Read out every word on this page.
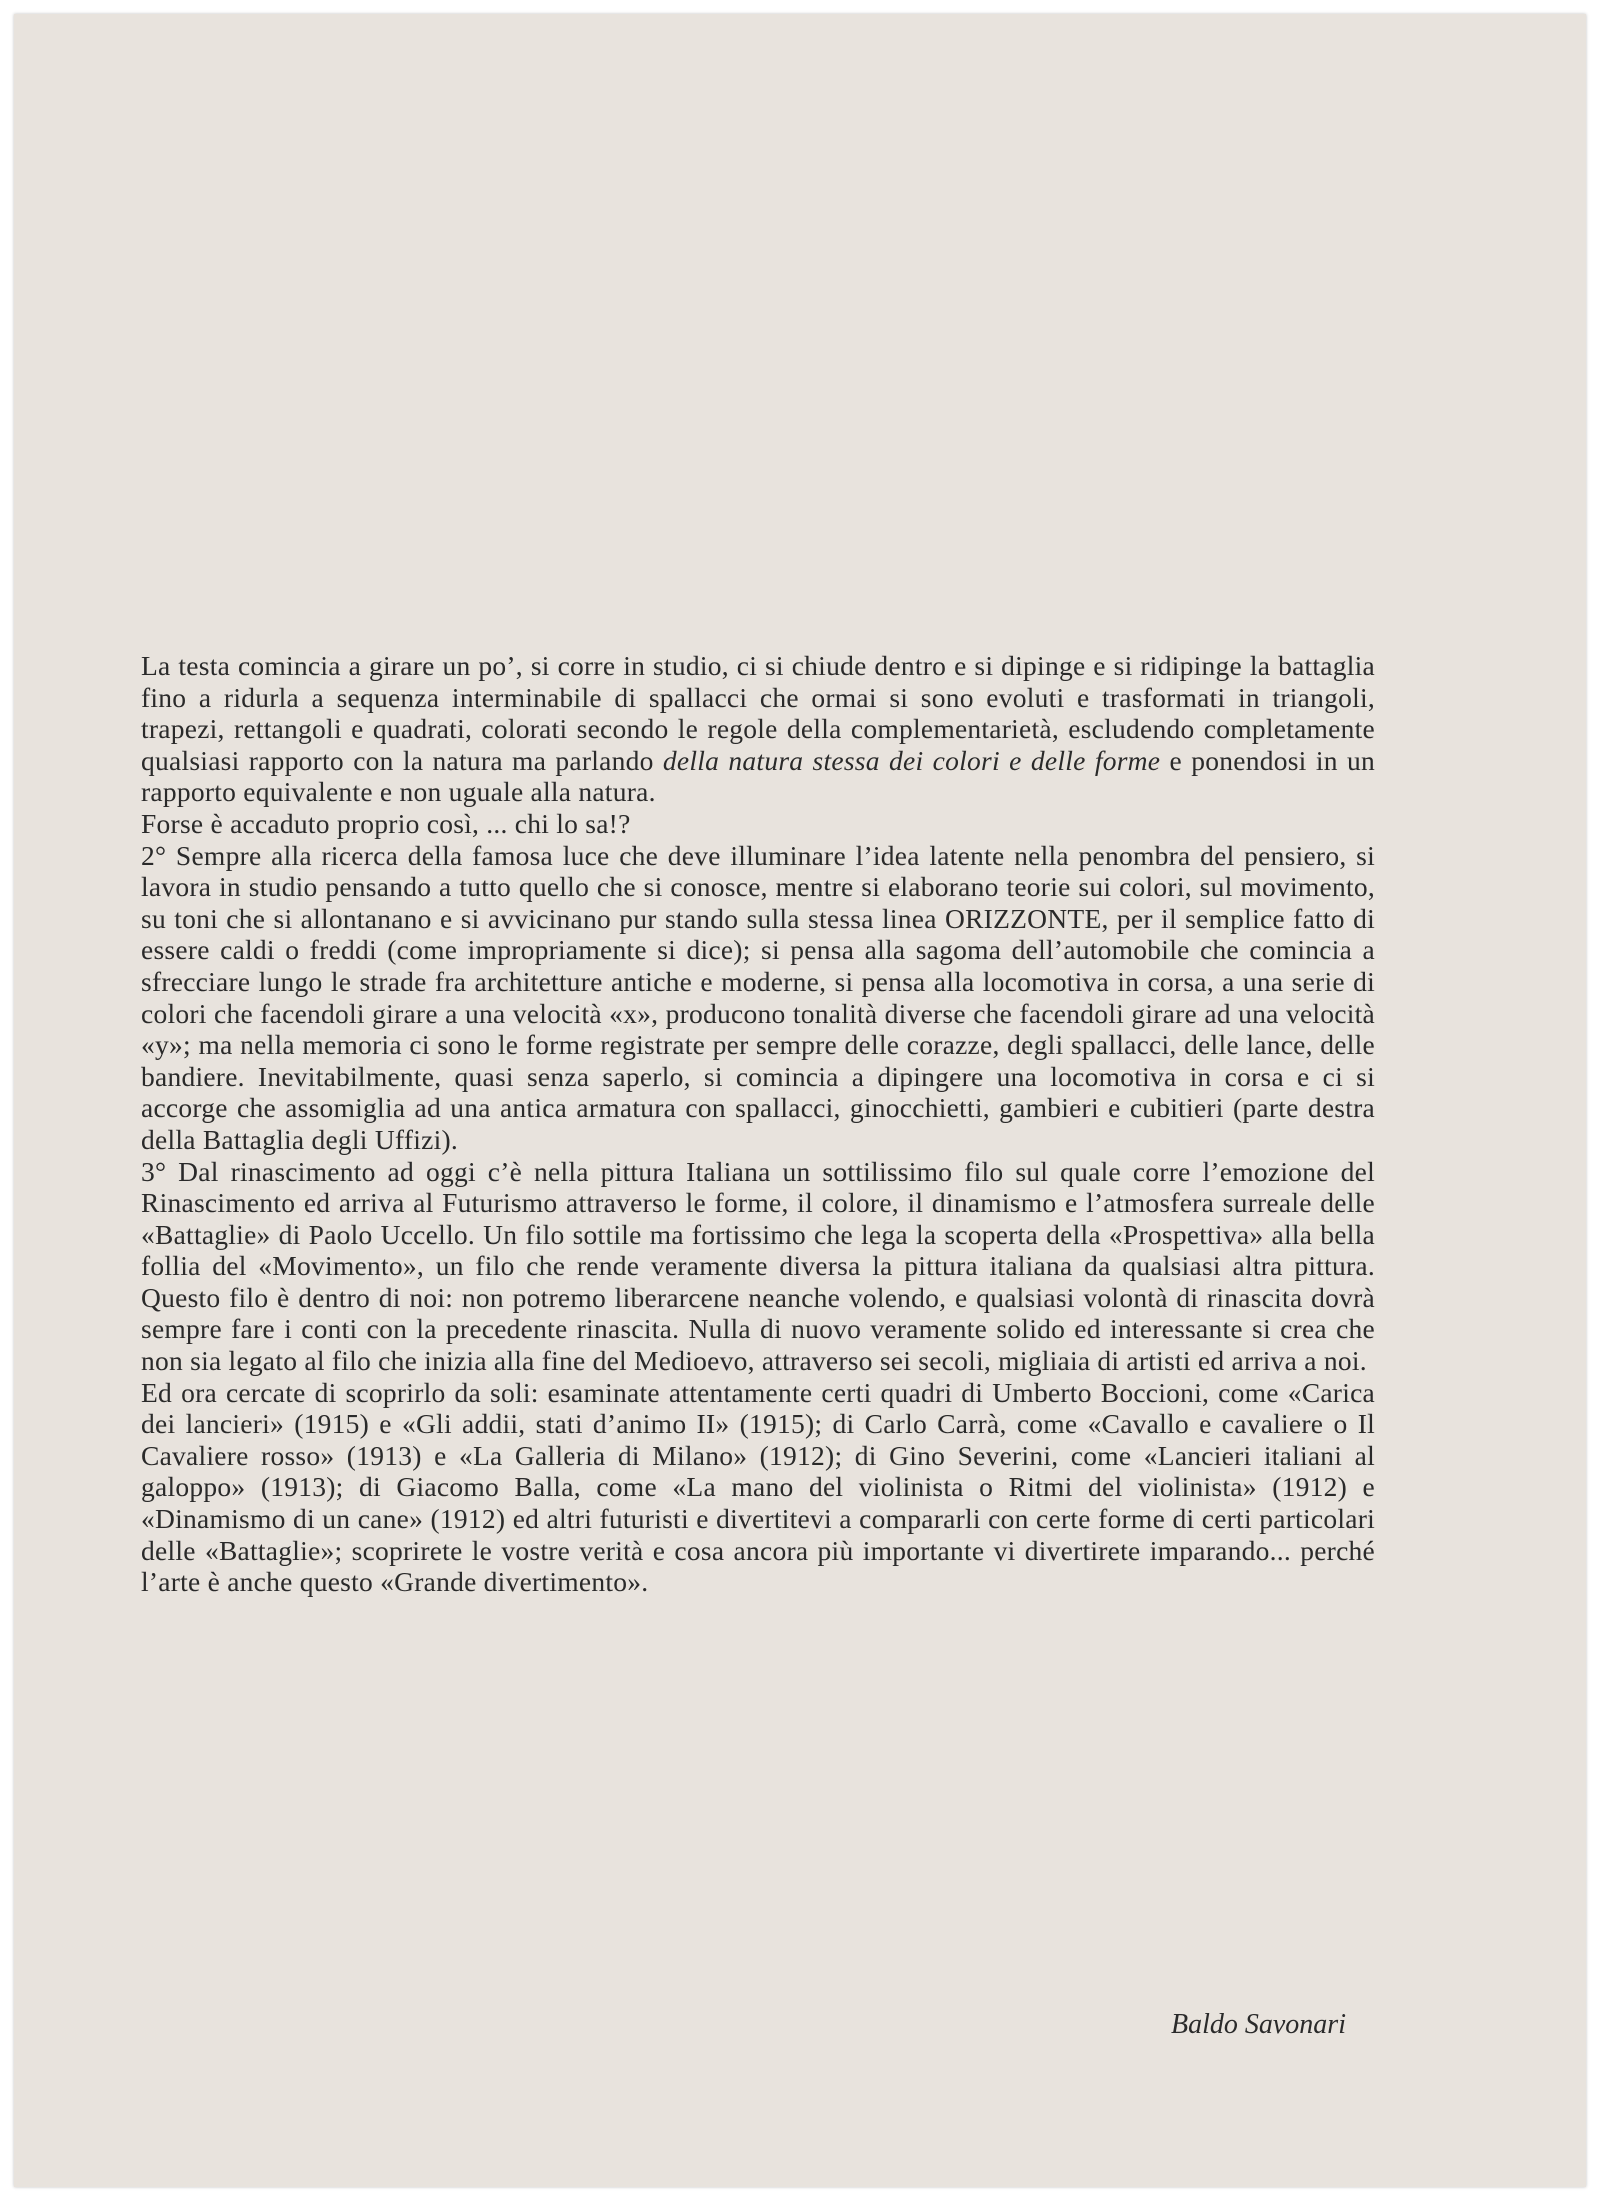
La testa comincia a girare un po’, si corre in studio, ci si chiude dentro e si dipinge e si ridipinge la battaglia fino a ridurla a sequenza interminabile di spallacci che ormai si sono evoluti e trasformati in triangoli, trapezi, rettangoli e quadrati, colorati secondo le regole della complementarietà, escludendo completamente qualsiasi rapporto con la natura ma parlando della natura stessa dei colori e delle forme e ponendosi in un rapporto equivalente e non uguale alla natura.

Forse è accaduto proprio così, ... chi lo sa!?

2° Sempre alla ricerca della famosa luce che deve illuminare l’idea latente nella penombra del pensiero, si lavora in studio pensando a tutto quello che si conosce, mentre si elaborano teorie sui colori, sul movimento, su toni che si allontanano e si avvicinano pur stando sulla stessa linea ORIZZONTE, per il semplice fatto di essere caldi o freddi (come impropriamente si dice); si pensa alla sagoma dell’automobile che comincia a sfrecciare lungo le strade fra architetture antiche e moderne, si pensa alla locomotiva in corsa, a una serie di colori che facendoli girare a una velocità «x», producono tonalità diverse che facendoli girare ad una velocità «y»; ma nella memoria ci sono le forme registrate per sempre delle corazze, degli spallacci, delle lance, delle bandiere. Inevitabilmente, quasi senza saperlo, si comincia a dipingere una locomotiva in corsa e ci si accorge che assomiglia ad una antica armatura con spallacci, ginocchietti, gambieri e cubitieri (parte destra della Battaglia degli Uffizi).

3° Dal rinascimento ad oggi c’è nella pittura Italiana un sottilissimo filo sul quale corre l’emozione del Rinascimento ed arriva al Futurismo attraverso le forme, il colore, il dinamismo e l’atmosfera surreale delle «Battaglie» di Paolo Uccello. Un filo sottile ma fortissimo che lega la scoperta della «Prospettiva» alla bella follia del «Movimento», un filo che rende veramente diversa la pittura italiana da qualsiasi altra pittura. Questo filo è dentro di noi: non potremo liberarcene neanche volendo, e qualsiasi volontà di rinascita dovrà sempre fare i conti con la precedente rinascita. Nulla di nuovo veramente solido ed interessante si crea che non sia legato al filo che inizia alla fine del Medioevo, attraverso sei secoli, migliaia di artisti ed arriva a noi.

Ed ora cercate di scoprirlo da soli: esaminate attentamente certi quadri di Umberto Boccioni, come «Carica dei lancieri» (1915) e «Gli addii, stati d’animo II» (1915); di Carlo Carrà, come «Cavallo e cavaliere o Il Cavaliere rosso» (1913) e «La Galleria di Milano» (1912); di Gino Severini, come «Lancieri italiani al galoppo» (1913); di Giacomo Balla, come «La mano del violinista o Ritmi del violinista» (1912) e «Dinamismo di un cane» (1912) ed altri futuristi e divertitevi a compararli con certe forme di certi particolari delle «Battaglie»; scoprirete le vostre verità e cosa ancora più importante vi divertirete imparando... perché l’arte è anche questo «Grande divertimento».

Baldo Savonari
